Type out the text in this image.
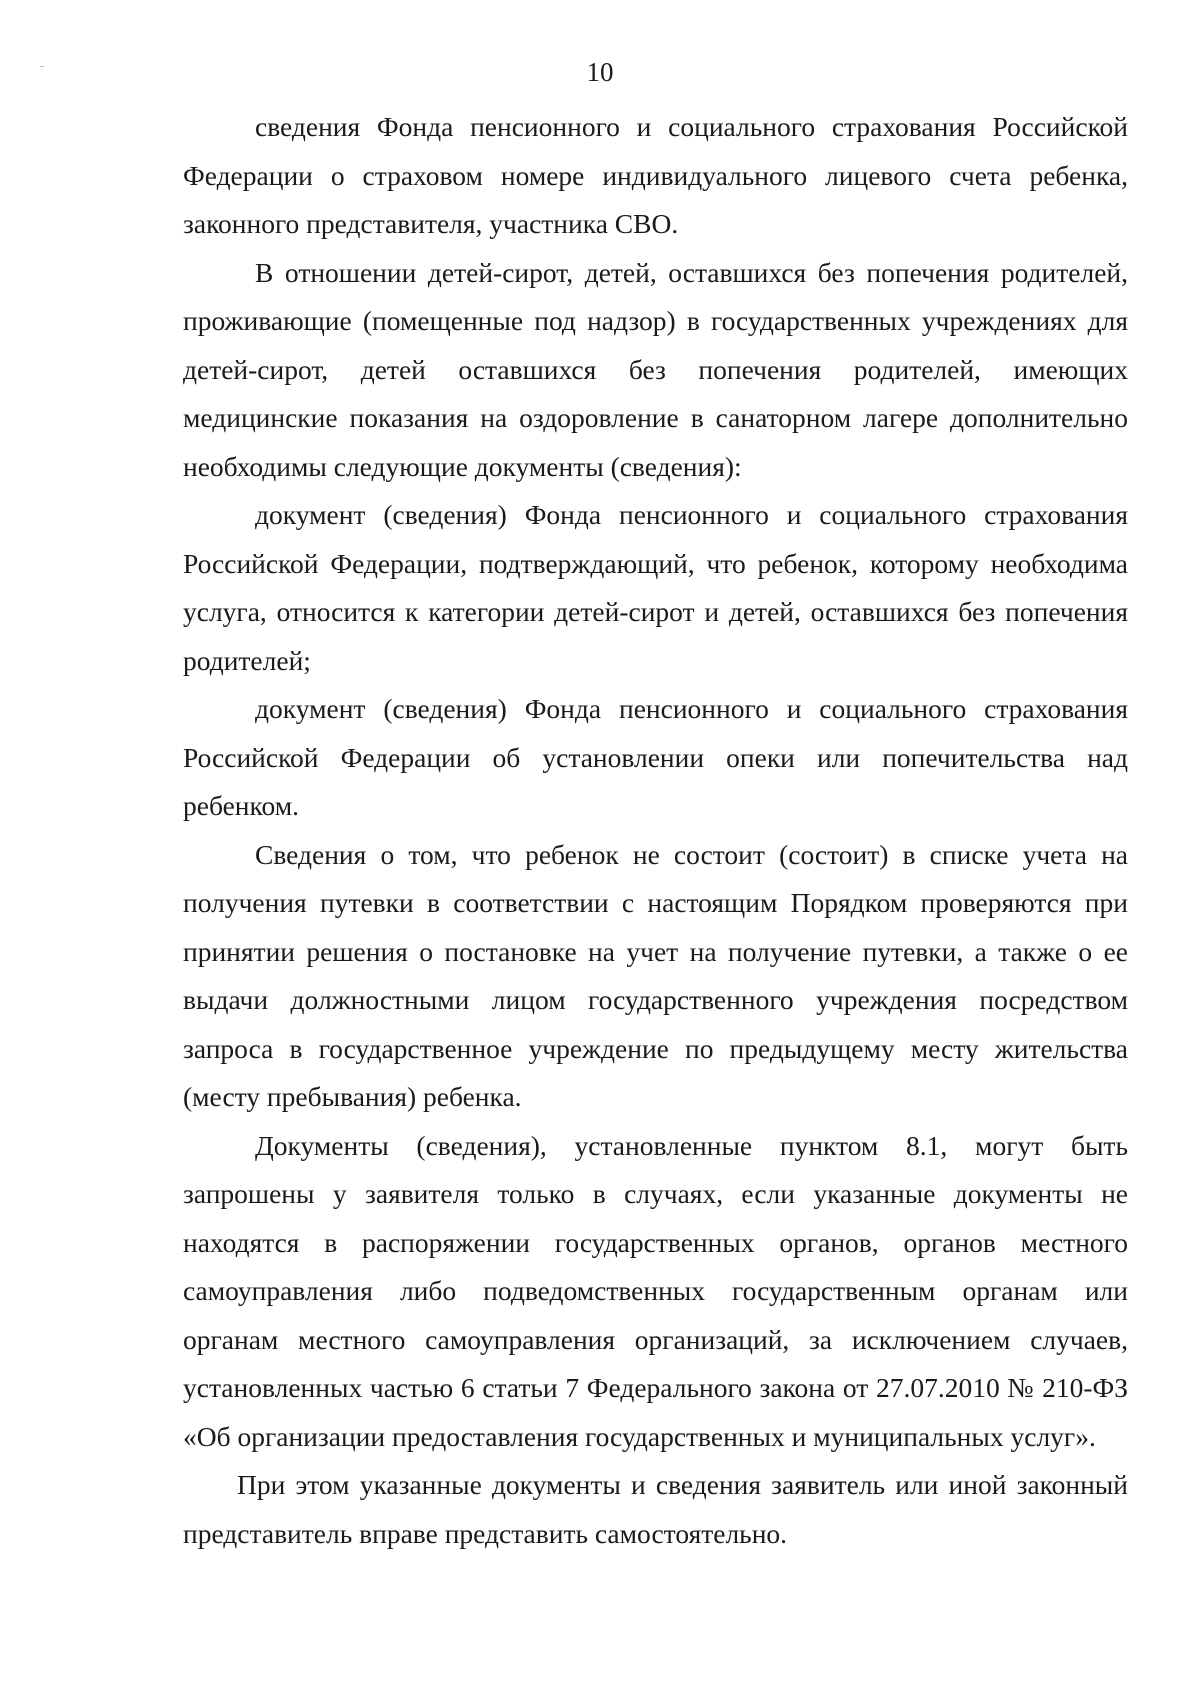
10

сведения Фонда пенсионного и социального страхования Российской Федерации о страховом номере индивидуального лицевого счета ребенка, законного представителя, участника СВО.

В отношении детей-сирот, детей, оставшихся без попечения родителей, проживающие (помещенные под надзор) в государственных учреждениях для детей-сирот, детей оставшихся без попечения родителей, имеющих медицинские показания на оздоровление в санаторном лагере дополнительно необходимы следующие документы (сведения):

документ (сведения) Фонда пенсионного и социального страхования Российской Федерации, подтверждающий, что ребенок, которому необходима услуга, относится к категории детей-сирот и детей, оставшихся без попечения родителей;

документ (сведения) Фонда пенсионного и социального страхования Российской Федерации об установлении опеки или попечительства над ребенком.

Сведения о том, что ребенок не состоит (состоит) в списке учета на получения путевки в соответствии с настоящим Порядком проверяются при принятии решения о постановке на учет на получение путевки, а также о ее выдачи должностными лицом государственного учреждения посредством запроса в государственное учреждение по предыдущему месту жительства (месту пребывания) ребенка.

Документы (сведения), установленные пунктом 8.1, могут быть запрошены у заявителя только в случаях, если указанные документы не находятся в распоряжении государственных органов, органов местного самоуправления либо подведомственных государственным органам или органам местного самоуправления организаций, за исключением случаев, установленных частью 6 статьи 7 Федерального закона от 27.07.2010 № 210-ФЗ «Об организации предоставления государственных и муниципальных услуг».

При этом указанные документы и сведения заявитель или иной законный представитель вправе представить самостоятельно.
